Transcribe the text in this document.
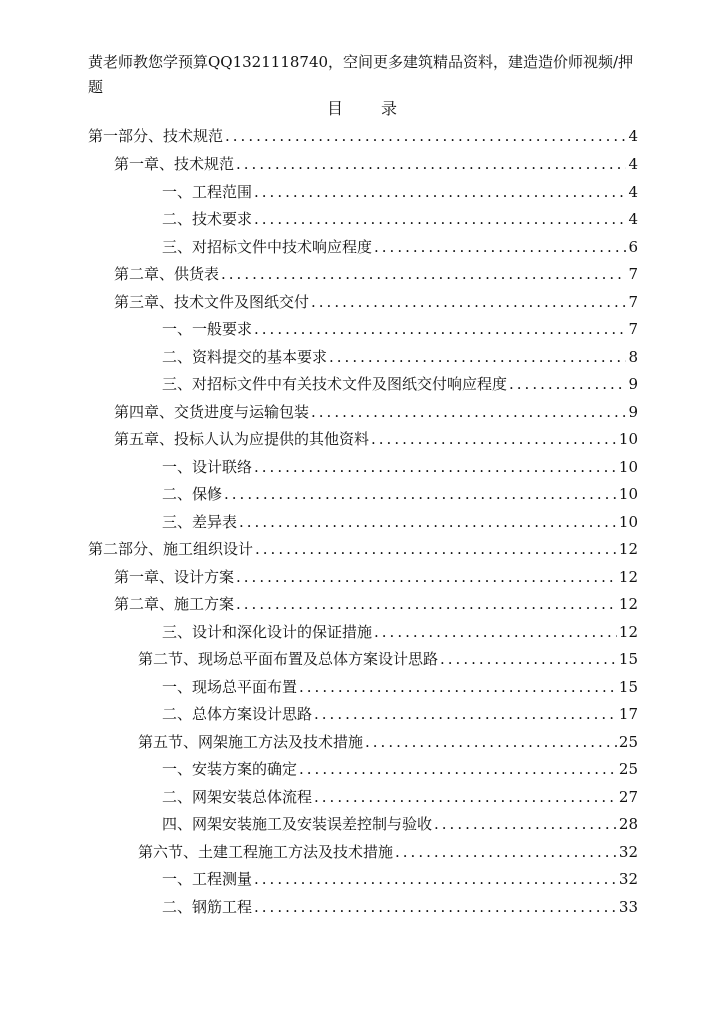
黄老师教您学预算QQ1321118740，空间更多建筑精品资料，建造造价师视频/押题
目 录
第一部分、技术规范 .....	4
第一章、技术规范 .....	4
一、工程范围 .....	4
二、技术要求 .....	4
三、对招标文件中技术响应程度 .....	6
第二章、供货表 .....	7
第三章、技术文件及图纸交付 .....	7
一、一般要求 .....	7
二、资料提交的基本要求 .....	8
三、对招标文件中有关技术文件及图纸交付响应程度 .....	9
第四章、交货进度与运输包装 .....	9
第五章、投标人认为应提供的其他资料 .....	10
一、设计联络 .....	10
二、保修 .....	10
三、差异表 .....	10
第二部分、施工组织设计 .....	12
第一章、设计方案 .....	12
第二章、施工方案 .....	12
三、设计和深化设计的保证措施 .....	12
第二节、现场总平面布置及总体方案设计思路 .....	15
一、现场总平面布置 .....	15
二、总体方案设计思路 .....	17
第五节、网架施工方法及技术措施 .....	25
一、安装方案的确定 .....	25
二、网架安装总体流程 .....	27
四、网架安装施工及安装误差控制与验收 .....	28
第六节、土建工程施工方法及技术措施 .....	32
一、工程测量 .....	32
二、钢筋工程 .....	33
